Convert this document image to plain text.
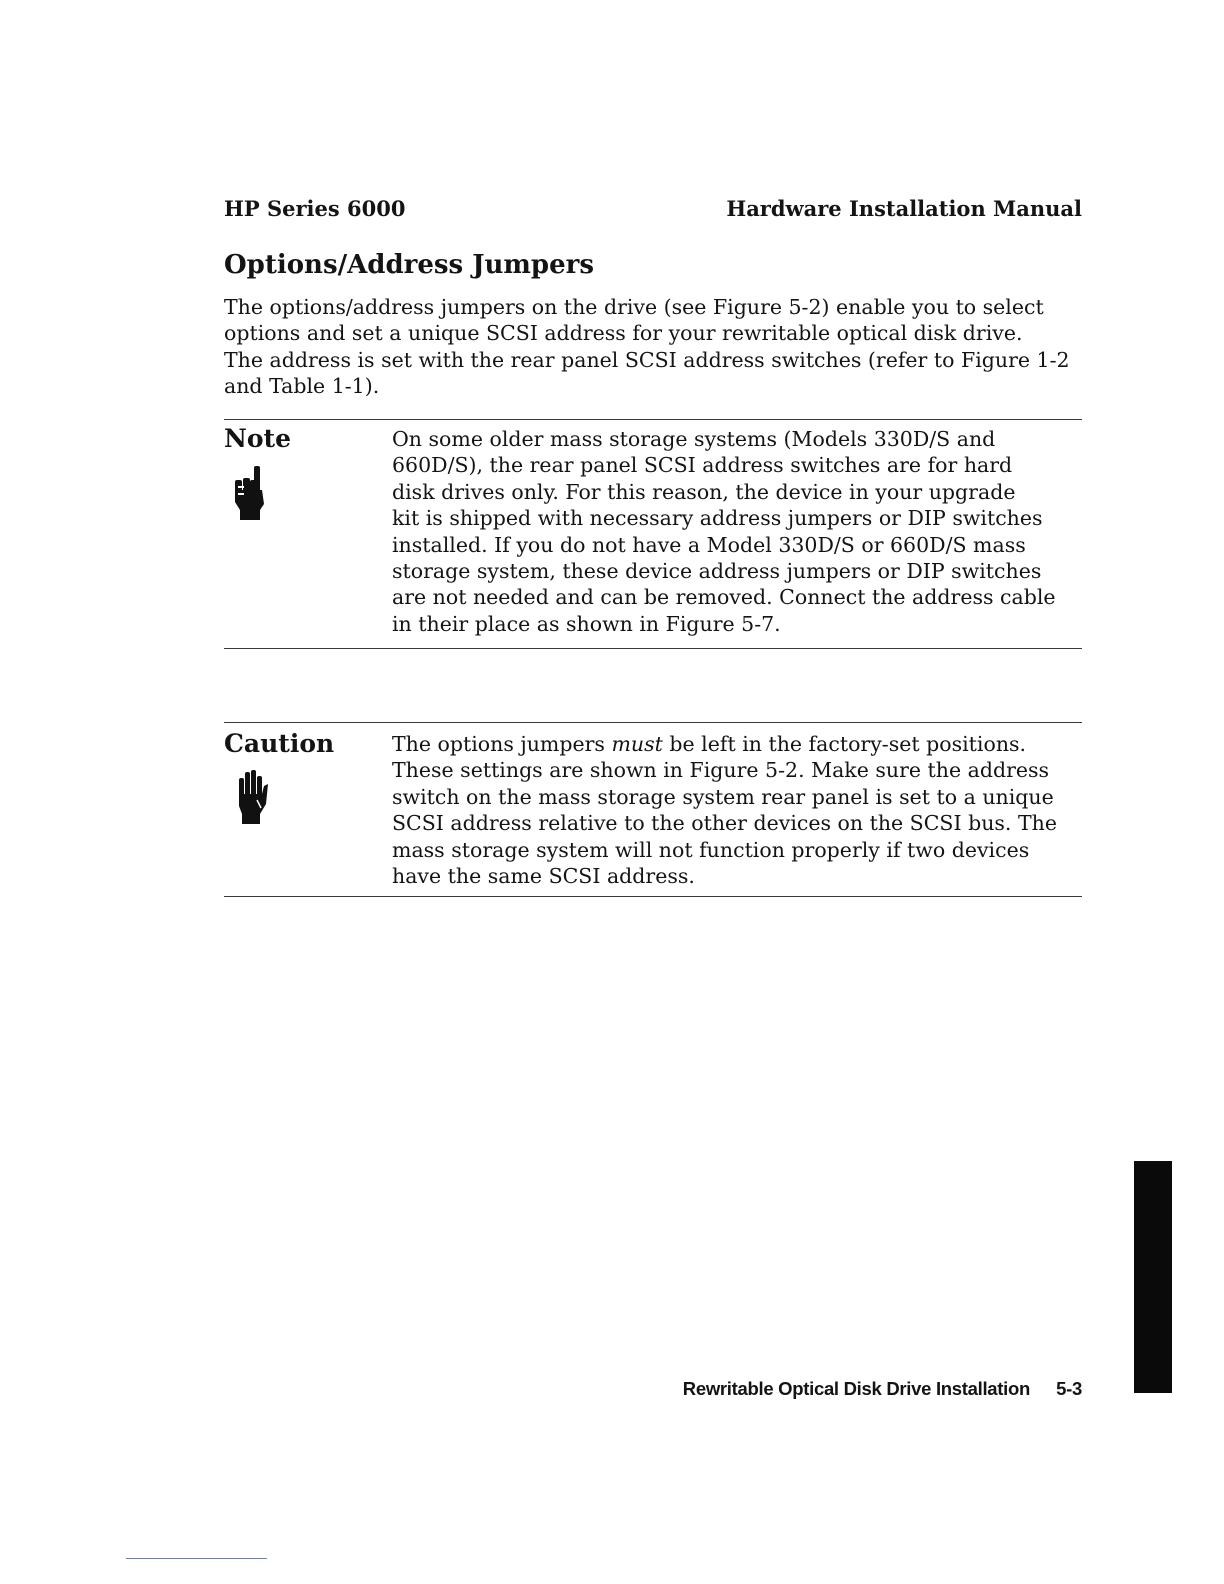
HP Series 6000	Hardware Installation Manual
Options/Address Jumpers

The options/address jumpers on the drive (see Figure 5-2) enable you to select
options and set a unique SCSI address for your rewritable optical disk drive.
The address is set with the rear panel SCSI address switches (refer to Figure 1-2
and Table 1-1).

Note	On some older mass storage systems (Models 330D/S and
660D/S), the rear panel SCSI address switches are for hard
disk drives only. For this reason, the device in your upgrade
kit is shipped with necessary address jumpers or DIP switches
installed. If you do not have a Model 330D/S or 660D/S mass
storage system, these device address jumpers or DIP switches
are not needed and can be removed. Connect the address cable
in their place as shown in Figure 5-7.

Caution	The options jumpers must be left in the factory-set positions.
These settings are shown in Figure 5-2. Make sure the address
switch on the mass storage system rear panel is set to a unique
SCSI address relative to the other devices on the SCSI bus. The
mass storage system will not function properly if two devices
have the same SCSI address.

Rewritable Optical Disk Drive Installation 5-3
